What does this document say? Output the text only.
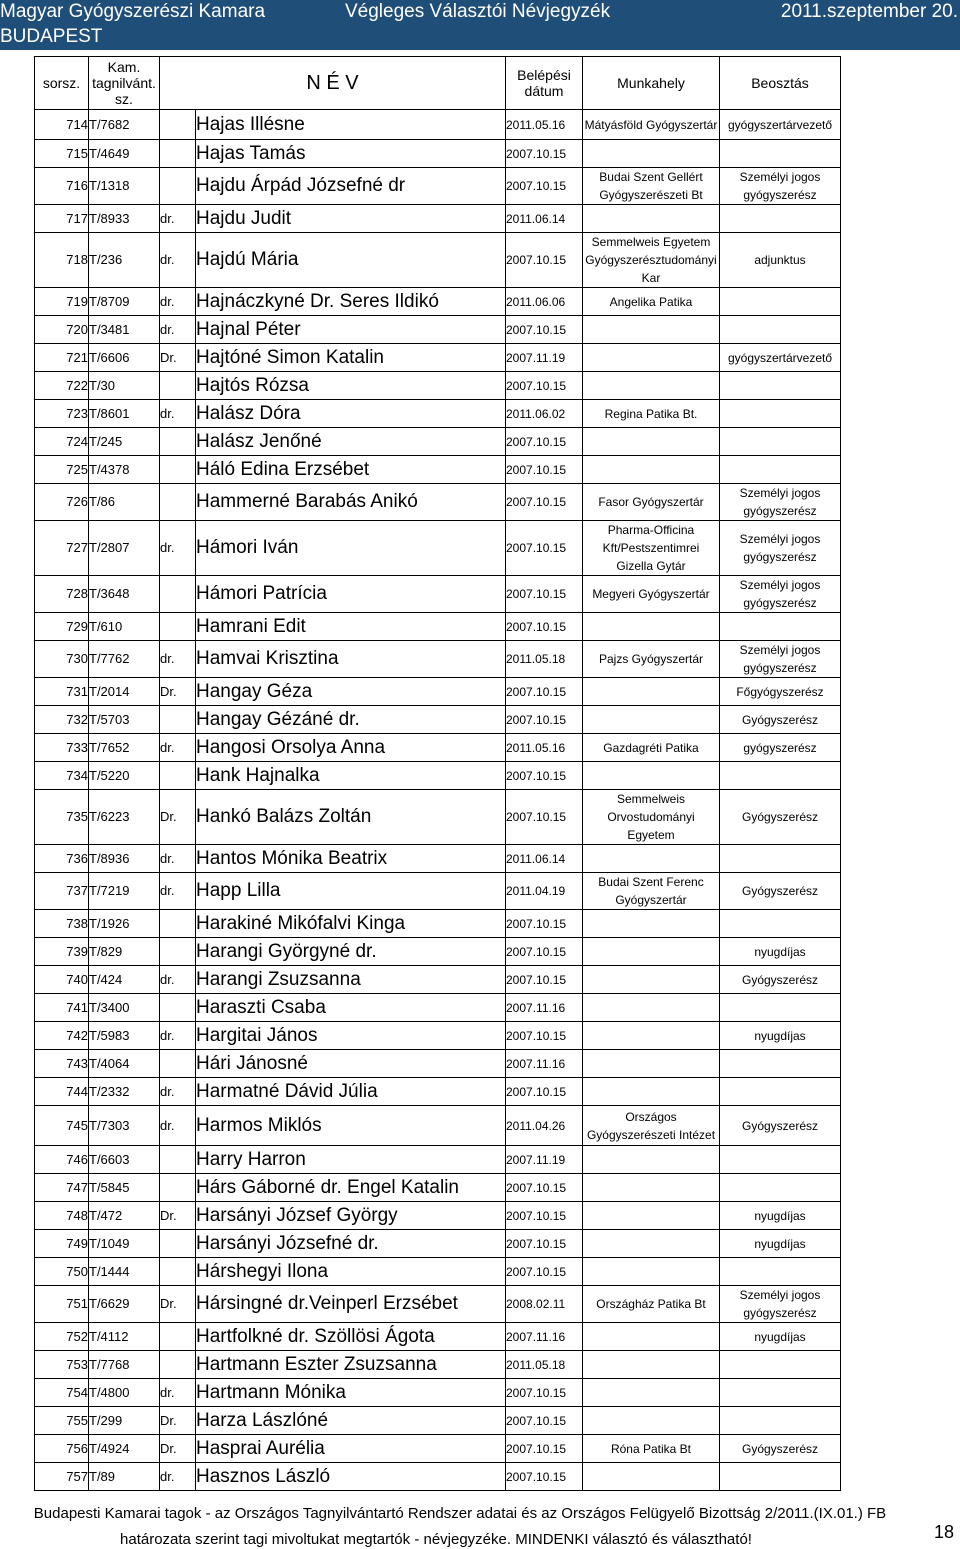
Magyar Gyógyszerészi Kamara
BUDAPEST
Végleges Választói Névjegyzék	2011.szeptember 20.
sorsz.	Kam. tagnilvánt. sz.	N É V		Belépési dátum	Munkahely	Beosztás
714	T/7682		Hajas Illésne	2011.05.16	Mátyásföld Gyógyszertár	gyógyszertárvezető
715	T/4649		Hajas Tamás	2007.10.15		
716	T/1318		Hajdu Árpád Józsefné dr	2007.10.15	Budai Szent Gellért Gyógyszerészeti Bt	Személyi jogos gyógyszerész
717	T/8933	dr.	Hajdu Judit	2011.06.14		
718	T/236	dr.	Hajdú Mária	2007.10.15	Semmelweis Egyetem Gyógyszerésztudományi Kar	adjunktus
719	T/8709	dr.	Hajnáczkyné Dr. Seres Ildikó	2011.06.06	Angelika Patika	
720	T/3481	dr.	Hajnal Péter	2007.10.15		
721	T/6606	Dr.	Hajtóné Simon Katalin	2007.11.19		gyógyszertárvezető
722	T/30		Hajtós Rózsa	2007.10.15		
723	T/8601	dr.	Halász Dóra	2011.06.02	Regina Patika Bt.	
724	T/245		Halász Jenőné	2007.10.15		
725	T/4378		Háló Edina Erzsébet	2007.10.15		
726	T/86		Hammerné Barabás Anikó	2007.10.15	Fasor Gyógyszertár	Személyi jogos gyógyszerész
727	T/2807	dr.	Hámori Iván	2007.10.15	Pharma-Officina Kft/Pestszentimrei Gizella Gytár	Személyi jogos gyógyszerész
728	T/3648		Hámori Patrícia	2007.10.15	Megyeri Gyógyszertár	Személyi jogos gyógyszerész
729	T/610		Hamrani Edit	2007.10.15		
730	T/7762	dr.	Hamvai Krisztina	2011.05.18	Pajzs Gyógyszertár	Személyi jogos gyógyszerész
731	T/2014	Dr.	Hangay Géza	2007.10.15		Főgyógyszerész
732	T/5703		Hangay Gézáné dr.	2007.10.15		Gyógyszerész
733	T/7652	dr.	Hangosi Orsolya Anna	2011.05.16	Gazdagréti Patika	gyógyszerész
734	T/5220		Hank Hajnalka	2007.10.15		
735	T/6223	Dr.	Hankó Balázs Zoltán	2007.10.15	Semmelweis Orvostudományi Egyetem	Gyógyszerész
736	T/8936	dr.	Hantos Mónika Beatrix	2011.06.14		
737	T/7219	dr.	Happ Lilla	2011.04.19	Budai Szent Ferenc Gyógyszertár	Gyógyszerész
738	T/1926		Harakiné Mikófalvi Kinga	2007.10.15		
739	T/829		Harangi Györgyné dr.	2007.10.15		nyugdíjas
740	T/424	dr.	Harangi Zsuzsanna	2007.10.15		Gyógyszerész
741	T/3400		Haraszti Csaba	2007.11.16		
742	T/5983	dr.	Hargitai János	2007.10.15		nyugdíjas
743	T/4064		Hári Jánosné	2007.11.16		
744	T/2332	dr.	Harmatné Dávid Júlia	2007.10.15		
745	T/7303	dr.	Harmos Miklós	2011.04.26	Országos Gyógyszerészeti Intézet	Gyógyszerész
746	T/6603		Harry Harron	2007.11.19		
747	T/5845		Hárs Gáborné dr. Engel Katalin	2007.10.15		
748	T/472	Dr.	Harsányi József György	2007.10.15		nyugdíjas
749	T/1049		Harsányi Józsefné dr.	2007.10.15		nyugdíjas
750	T/1444		Hárshegyi Ilona	2007.10.15		
751	T/6629	Dr.	Hársingné dr.Veinperl Erzsébet	2008.02.11	Országház Patika Bt	Személyi jogos gyógyszerész
752	T/4112		Hartfolkné dr. Szöllösi Ágota	2007.11.16		nyugdíjas
753	T/7768		Hartmann Eszter Zsuzsanna	2011.05.18		
754	T/4800	dr.	Hartmann Mónika	2007.10.15		
755	T/299	Dr.	Harza Lászlóné	2007.10.15		
756	T/4924	Dr.	Hasprai Aurélia	2007.10.15	Róna Patika Bt	Gyógyszerész
757	T/89	dr.	Hasznos László	2007.10.15		
Budapesti Kamarai tagok - az Országos Tagnyilvántartó Rendszer adatai és az Országos Felügyelő Bizottság 2/2011.(IX.01.) FB
határozata szerint tagi mivoltukat megtartók - névjegyzéke. MINDENKI választó és választható!	18
